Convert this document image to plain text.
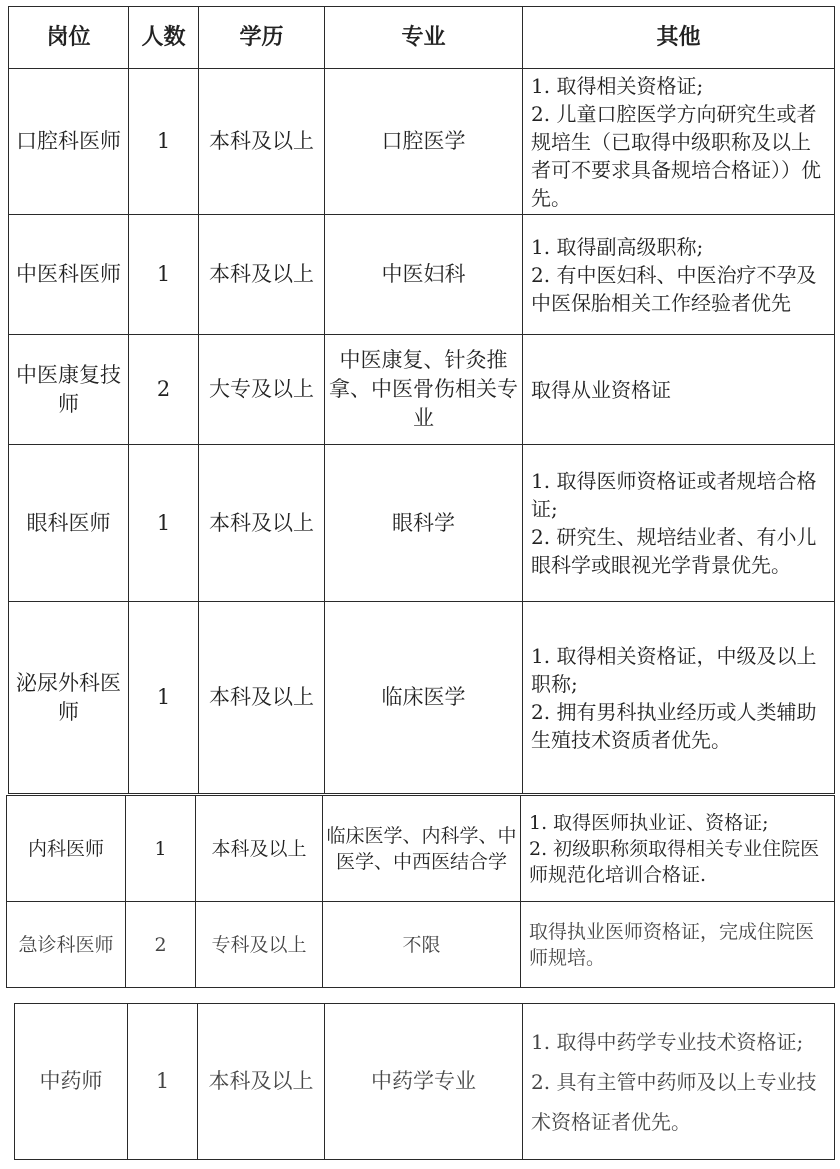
岗位	人数	学历	专业	其他
口腔科医师	1	本科及以上	口腔医学	1. 取得相关资格证;
2. 儿童口腔医学方向研究生或者规培生（已取得中级职称及以上者可不要求具备规培合格证））优先。

中医科医师	1	本科及以上	中医妇科	1. 取得副高级职称;
2. 有中医妇科、中医治疗不孕及中医保胎相关工作经验者优先

中医康复技师	2	大专及以上	中医康复、针灸推拿、中医骨伤相关专业	取得从业资格证

眼科医师	1	本科及以上	眼科学	1. 取得医师资格证或者规培合格证;
2. 研究生、规培结业者、有小儿眼科学或眼视光学背景优先。

泌尿外科医师	1	本科及以上	临床医学	1. 取得相关资格证，中级及以上职称;
2. 拥有男科执业经历或人类辅助生殖技术资质者优先。
内科医师	1	本科及以上	临床医学、内科学、中医学、中西医结合学	1. 取得医师执业证、资格证;
2. 初级职称须取得相关专业住院医师规范化培训合格证.

急诊科医师	2	专科及以上	不限	取得执业医师资格证，完成住院医师规培。
中药师	1	本科及以上	中药学专业	
1. 取得中药学专业技术资格证;
2. 具有主管中药师及以上专业技术资格证者优先。
